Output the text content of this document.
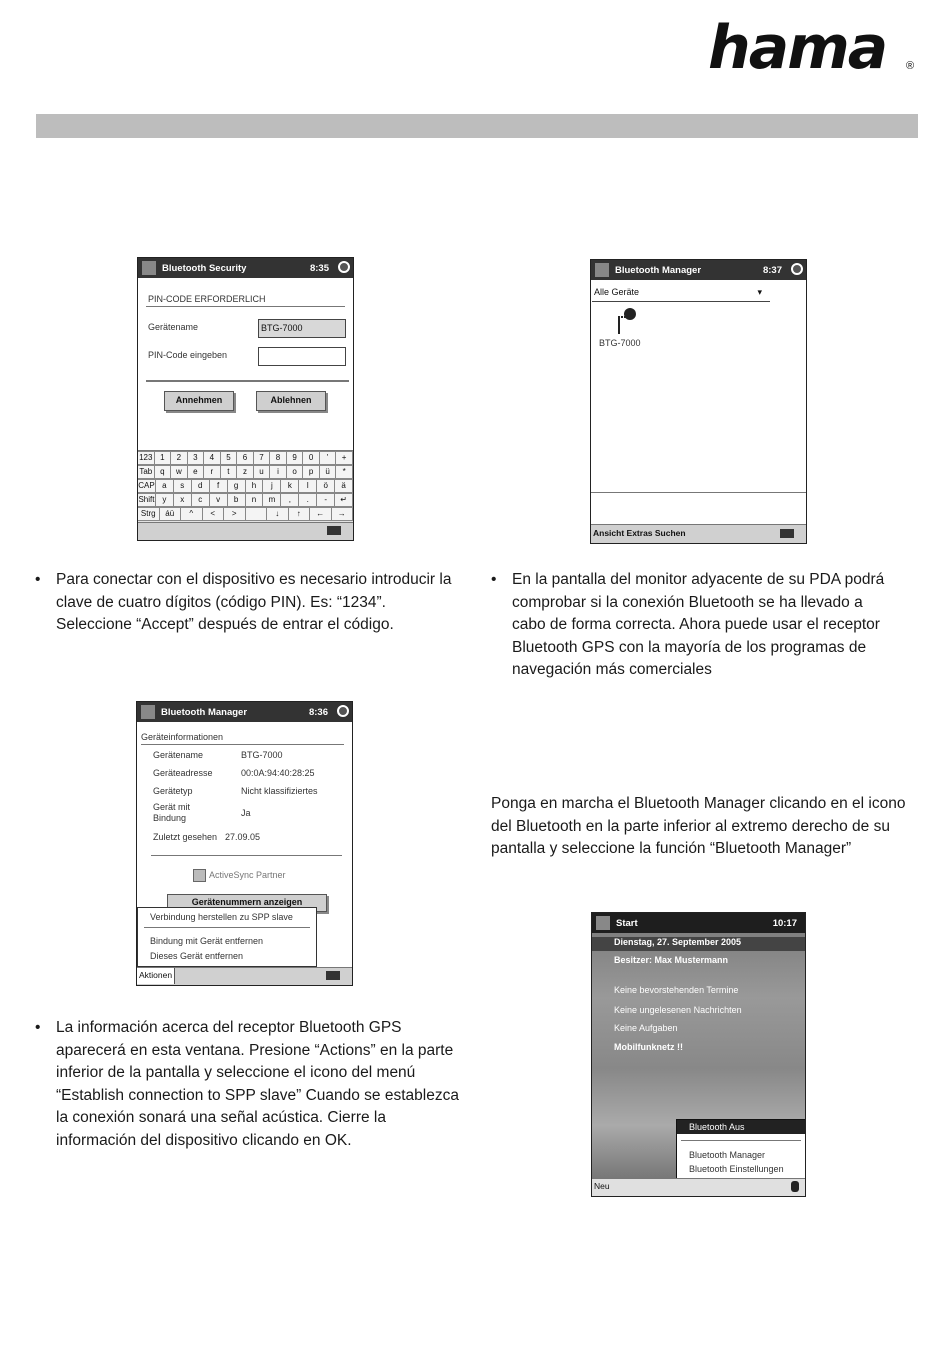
hama ®
Bluetooth Security	8:35
PIN-CODE ERFORDERLICH
Gerätename	BTG-7000
PIN-Code eingeben
Annehmen	Ablehnen
123 1	2	3	4	5	6	7	8	9	0	'	+
Tab q	w	e	r	t	z	u	i	o	p	ü	*
CAP a	s	d	f	g	h	j	k	l	ö	ä
Shift y	x	c	v	b	n	m	,	.	-	↵
Strg	áü	^	<	>	↓	↑	←	→
Bluetooth Manager	8:37
Alle Geräte	▾
BTG-7000
Ansicht Extras Suchen
Bluetooth Manager	8:36
Geräteinformationen
Gerätename	BTG-7000
Geräteadresse	00:0A:94:40:28:25
Gerätetyp	Nicht klassifiziertes
Gerät mit Bindung	Ja
Zuletzt gesehen 27.09.05
ActiveSync Partner
Gerätenummern anzeigen
Verbindung herstellen zu SPP slave
Bindung mit Gerät entfernen
Dieses Gerät entfernen
Aktionen
Start	10:17
Dienstag, 27. September 2005
Besitzer: Max Mustermann
Keine bevorstehenden Termine
Keine ungelesenen Nachrichten
Keine Aufgaben
Mobilfunknetz !!
Bluetooth Aus
Bluetooth Manager
Bluetooth Einstellungen
Neu
• Para conectar con el dispositivo es necesario introducir la clave de cuatro dígitos (código PIN). Es: “1234”. Seleccione “Accept” después de entrar el código.
• En la pantalla del monitor adyacente de su PDA podrá comprobar si la conexión Bluetooth se ha llevado a cabo de forma correcta. Ahora puede usar el receptor Bluetooth GPS con la mayoría de los programas de navegación más comerciales
• La información acerca del receptor Bluetooth GPS aparecerá en esta ventana. Presione “Actions” en la parte inferior de la pantalla y seleccione el icono del menú “Establish connection to SPP slave” Cuando se establezca la conexión sonará una señal acústica. Cierre la información del dispositivo clicando en OK.
Ponga en marcha el Bluetooth Manager clicando en el icono del Bluetooth en la parte inferior al extremo derecho de su pantalla y seleccione la función “Bluetooth Manager”
